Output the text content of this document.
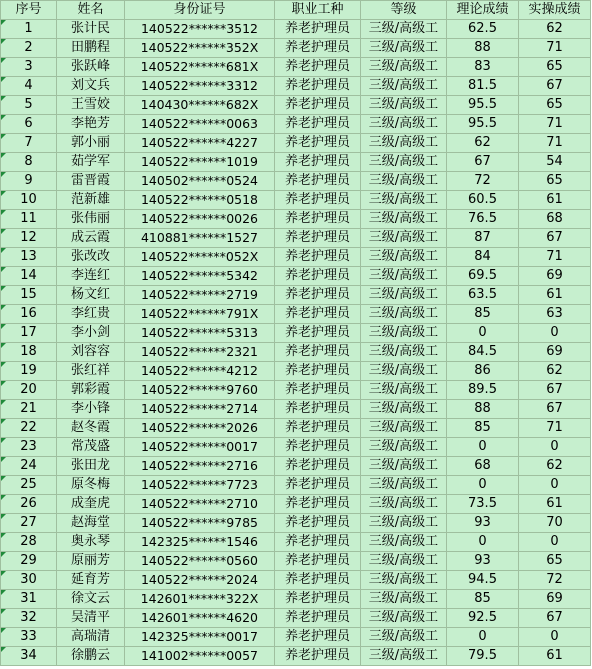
序号	姓名	身份证号	职业工种	等级	理论成绩	实操成绩
1	张计民	140522******3512	养老护理员	三级/高级工	62.5	62
2	田鹏程	140522******352X	养老护理员	三级/高级工	88	71
3	张跃峰	140522******681X	养老护理员	三级/高级工	83	65
4	刘文兵	140522******3312	养老护理员	三级/高级工	81.5	67
5	王雪姣	140430******682X	养老护理员	三级/高级工	95.5	65
6	李艳芳	140522******0063	养老护理员	三级/高级工	95.5	71
7	郭小丽	140522******4227	养老护理员	三级/高级工	62	71
8	茹学军	140522******1019	养老护理员	三级/高级工	67	54
9	雷晋霞	140502******0524	养老护理员	三级/高级工	72	65
10	范新雄	140522******0518	养老护理员	三级/高级工	60.5	61
11	张伟丽	140522******0026	养老护理员	三级/高级工	76.5	68
12	成云霞	410881******1527	养老护理员	三级/高级工	87	67
13	张改改	140522******052X	养老护理员	三级/高级工	84	71
14	李连红	140522******5342	养老护理员	三级/高级工	69.5	69
15	杨文红	140522******2719	养老护理员	三级/高级工	63.5	61
16	李红贵	140522******791X	养老护理员	三级/高级工	85	63
17	李小剑	140522******5313	养老护理员	三级/高级工	0	0
18	刘容容	140522******2321	养老护理员	三级/高级工	84.5	69
19	张红祥	140522******4212	养老护理员	三级/高级工	86	62
20	郭彩霞	140522******9760	养老护理员	三级/高级工	89.5	67
21	李小锋	140522******2714	养老护理员	三级/高级工	88	67
22	赵冬霞	140522******2026	养老护理员	三级/高级工	85	71
23	常茂盛	140522******0017	养老护理员	三级/高级工	0	0
24	张田龙	140522******2716	养老护理员	三级/高级工	68	62
25	原冬梅	140522******7723	养老护理员	三级/高级工	0	0
26	成奎虎	140522******2710	养老护理员	三级/高级工	73.5	61
27	赵海堂	140522******9785	养老护理员	三级/高级工	93	70
28	奥永琴	142325******1546	养老护理员	三级/高级工	0	0
29	原丽芳	140522******0560	养老护理员	三级/高级工	93	65
30	延育芳	140522******2024	养老护理员	三级/高级工	94.5	72
31	徐文云	142601******322X	养老护理员	三级/高级工	85	69
32	吴清平	142601******4620	养老护理员	三级/高级工	92.5	67
33	高瑞清	142325******0017	养老护理员	三级/高级工	0	0
34	徐鹏云	141002******0057	养老护理员	三级/高级工	79.5	61
